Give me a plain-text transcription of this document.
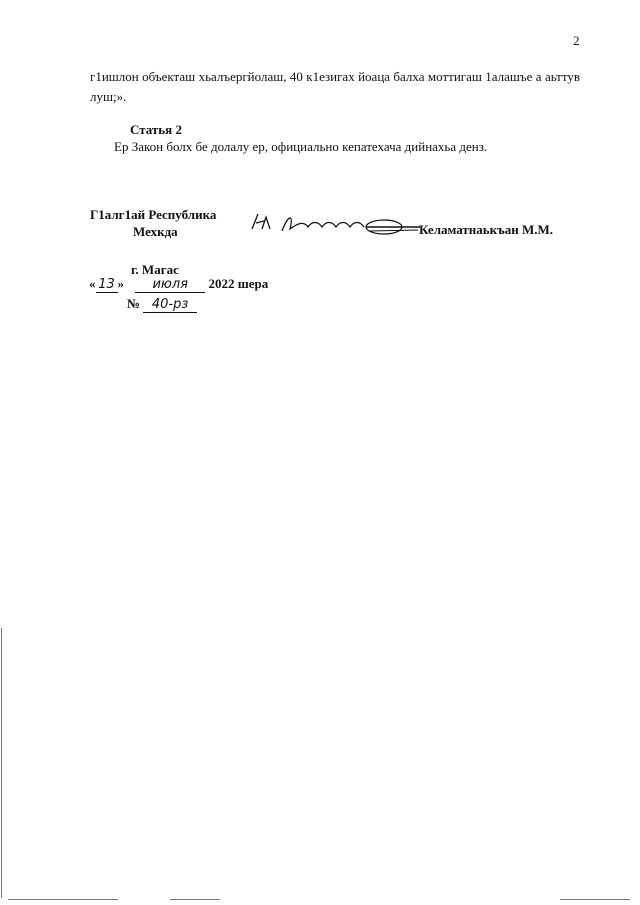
2
г1ишлон объекташ хьалъергйолаш, 40 к1езигах йоаца балха моттигаш 1алашъе а аьттув луш;».
Статья 2
Ер Закон болх бе долалу ер, официально кепатехача дийнахьа денз.
Г1алг1ай Республика
Мехкда	Келаматнаькъан М.М.
г. Магас
« 13 » июля 2022 шера
№ 40-рз
